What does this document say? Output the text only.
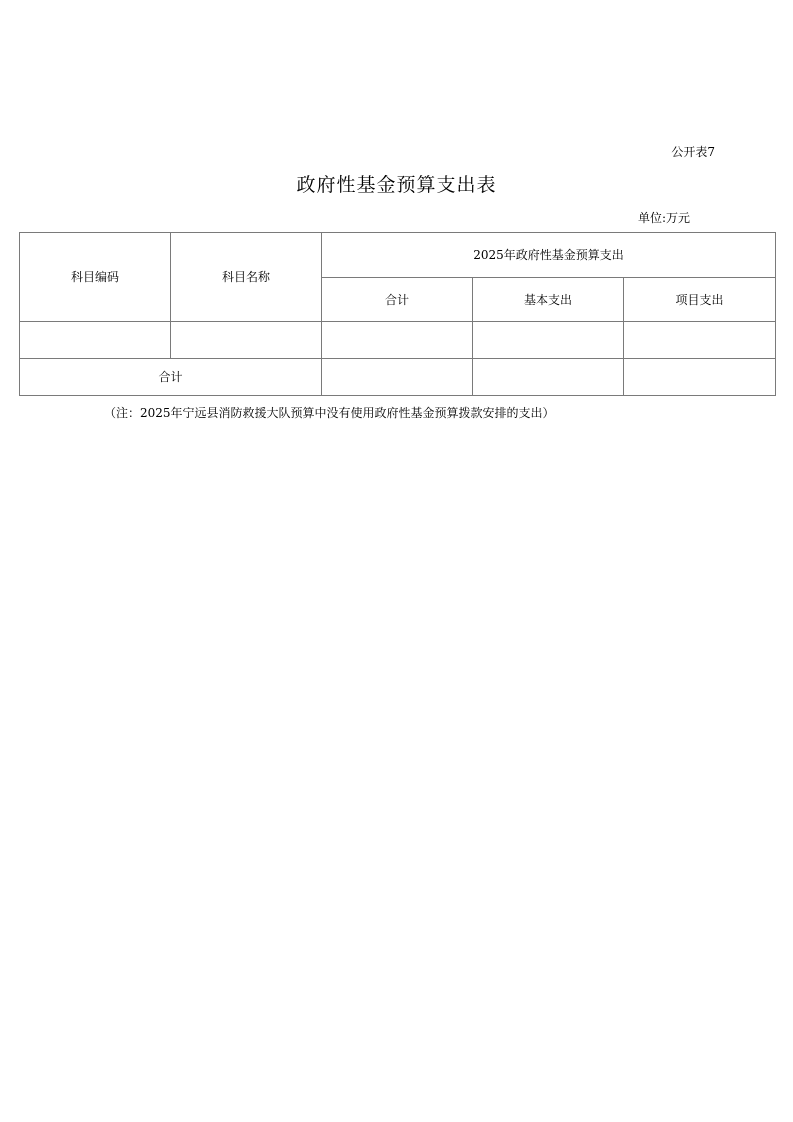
公开表7
政府性基金预算支出表
单位:万元
科目编码	科目名称	2025年政府性基金预算支出		
		合计	基本支出	项目支出

合计				
（注：2025年宁远县消防救援大队预算中没有使用政府性基金预算拨款安排的支出）
